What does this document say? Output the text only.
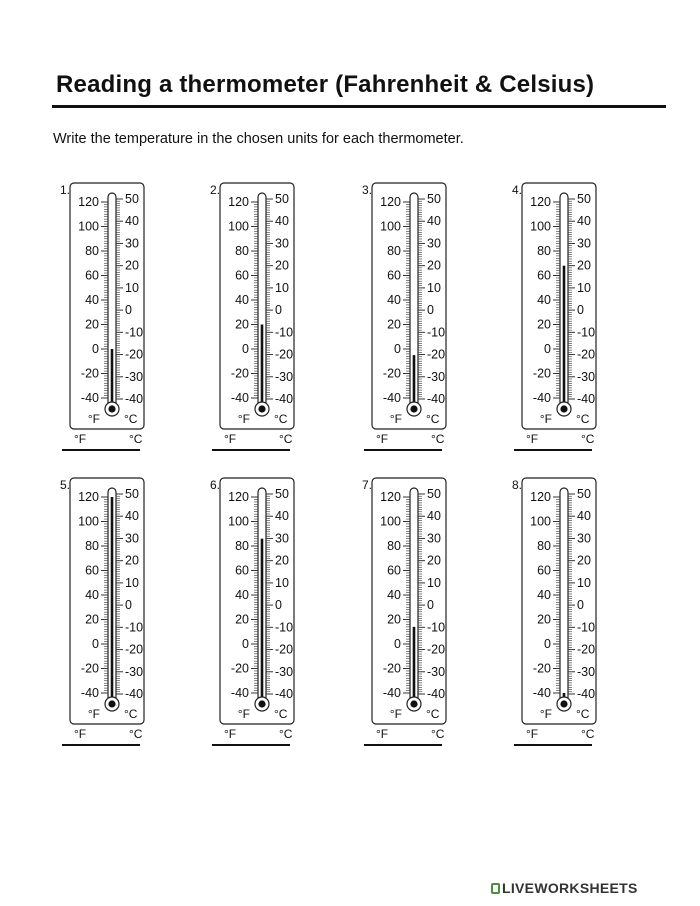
Reading a thermometer (Fahrenheit & Celsius)

Write the temperature in the chosen units for each thermometer.

1.
120
100
80
60
40
20
0
-20
-40
50
40
30
20
10
0
-10
-20
-30
-40
°F °C
°F	°C
2.
120
100
80
60
40
20
0
-20
-40
50
40
30
20
10
0
-10
-20
-30
-40
°F °C
°F	°C
3.
120
100
80
60
40
20
0
-20
-40
50
40
30
20
10
0
-10
-20
-30
-40
°F °C
°F	°C
4.
120
100
80
60
40
20
0
-20
-40
50
40
30
20
10
0
-10
-20
-30
-40
°F °C
°F	°C
5.
120
100
80
60
40
20
0
-20
-40
50
40
30
20
10
0
-10
-20
-30
-40
°F °C
°F	°C
6.
120
100
80
60
40
20
0
-20
-40
50
40
30
20
10
0
-10
-20
-30
-40
°F °C
°F	°C
7.
120
100
80
60
40
20
0
-20
-40
50
40
30
20
10
0
-10
-20
-30
-40
°F °C
°F	°C
8.
120
100
80
60
40
20
0
-20
-40
50
40
30
20
10
0
-10
-20
-30
-40
°F °C
°F	°C
LIVEWORKSHEETS
